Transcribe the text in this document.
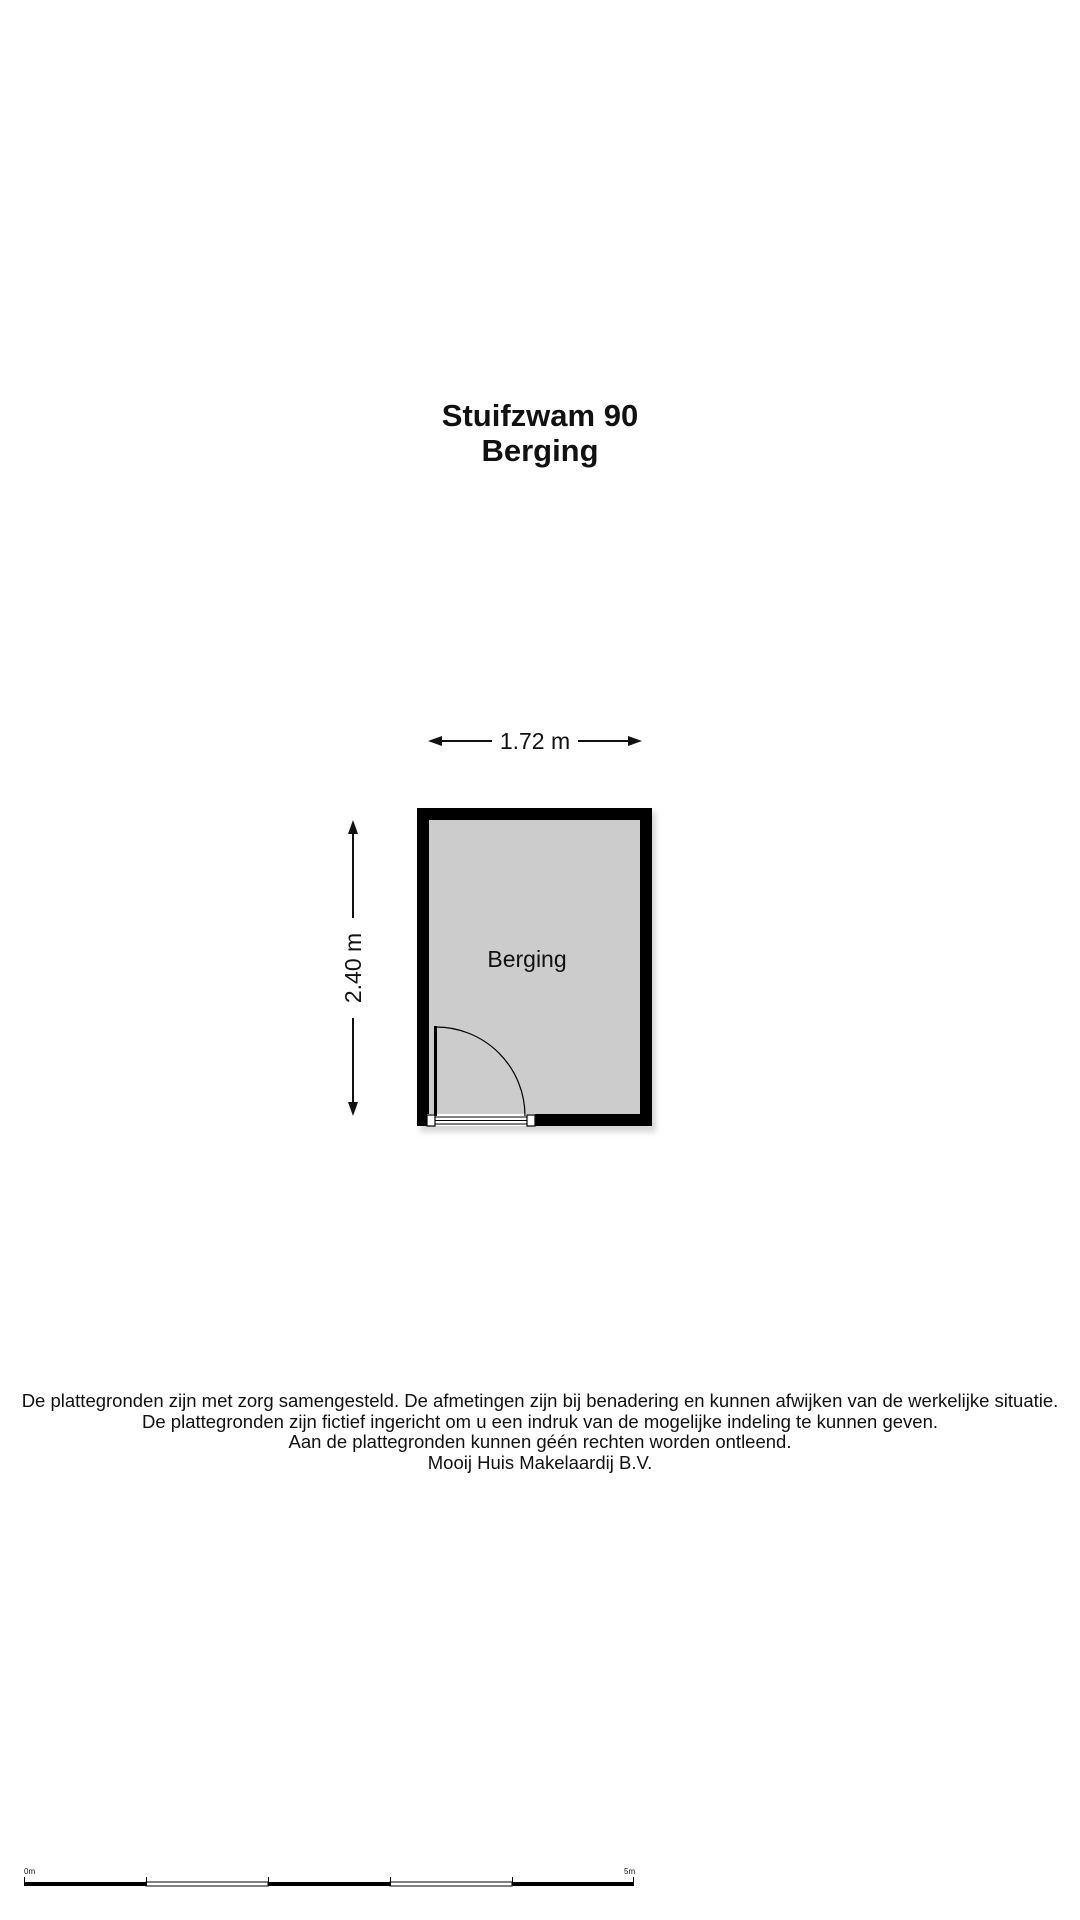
Stuifzwam 90
Berging
1.72 m
2.40 m	Berging
0m	5m
De plattegronden zijn met zorg samengesteld. De afmetingen zijn bij benadering en kunnen afwijken van de werkelijke situatie.
De plattegronden zijn fictief ingericht om u een indruk van de mogelijke indeling te kunnen geven.
Aan de plattegronden kunnen géén rechten worden ontleend.
Mooij Huis Makelaardij B.V.
